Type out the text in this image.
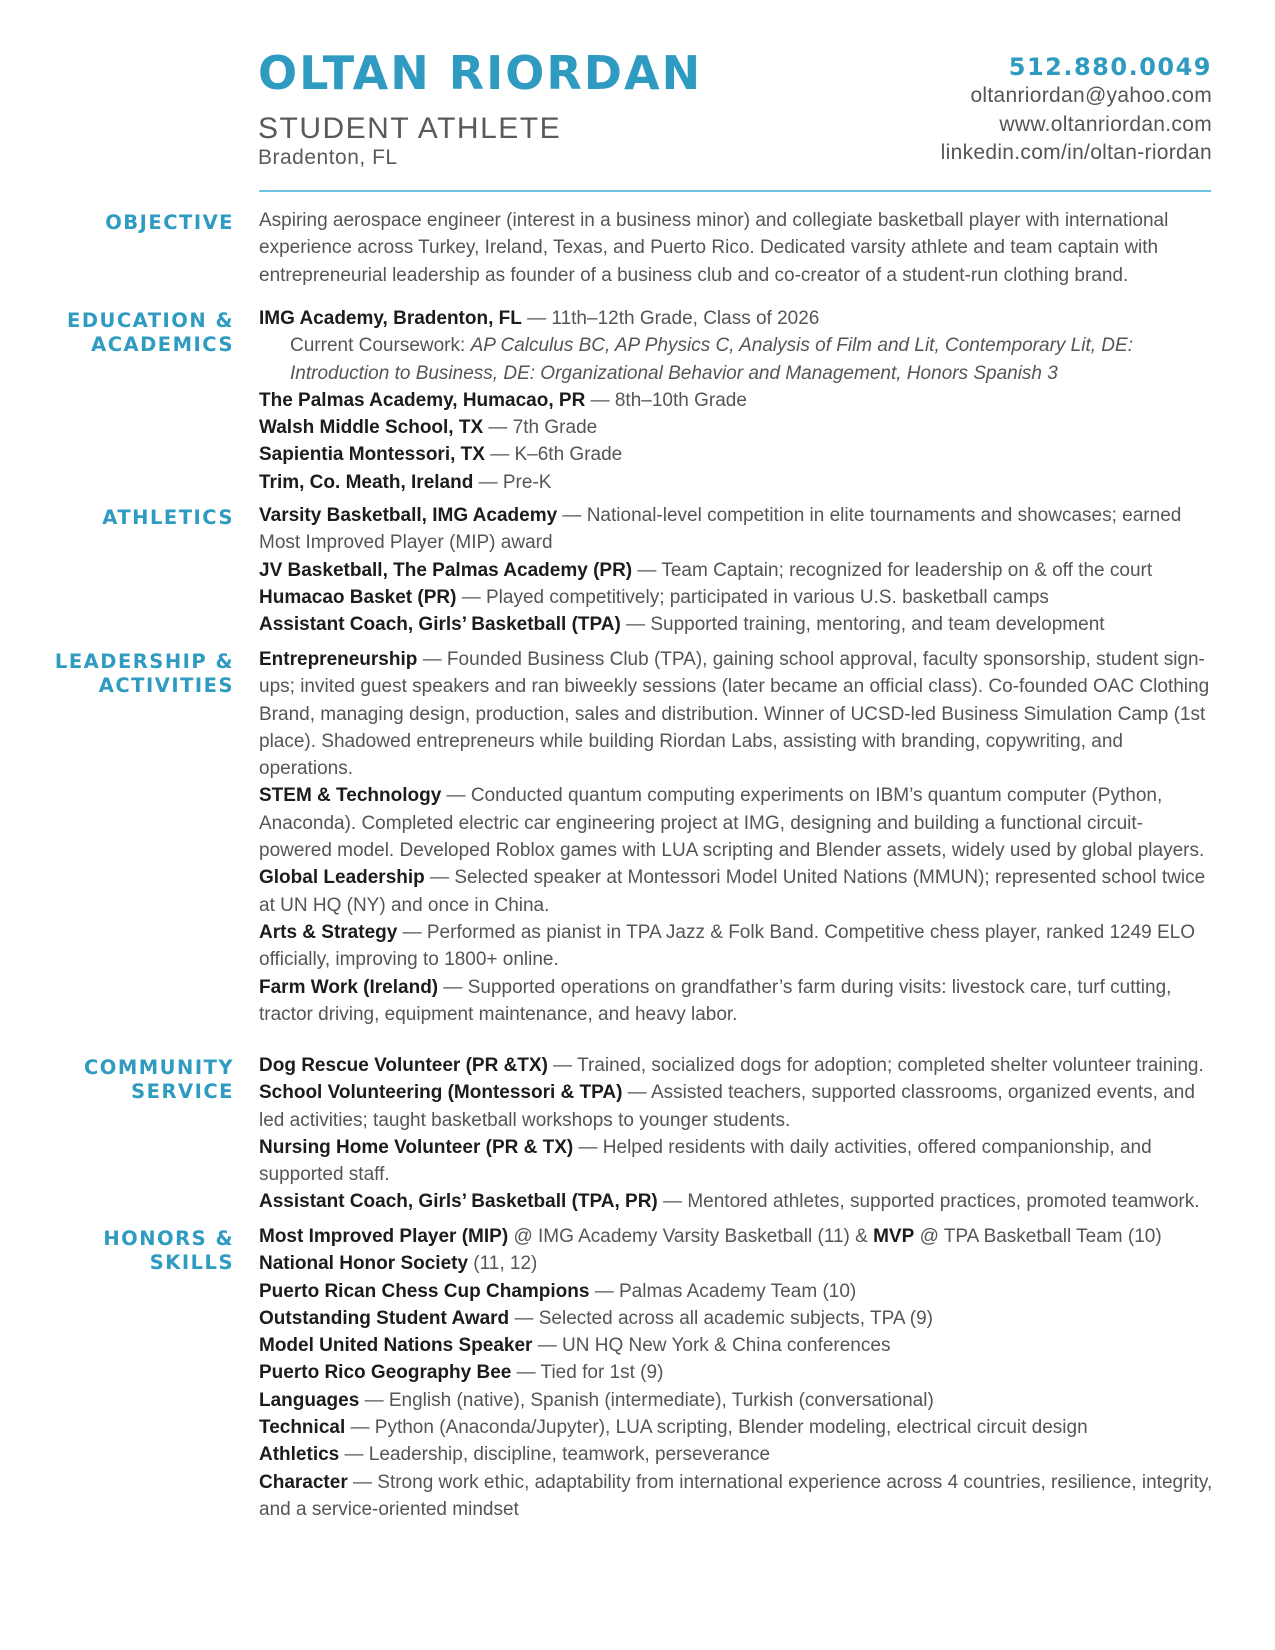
OLTAN RIORDAN
STUDENT ATHLETE
Bradenton, FL
512.880.0049
oltanriordan@yahoo.com
www.oltanriordan.com
linkedin.com/in/oltan-riordan
OBJECTIVE Aspiring aerospace engineer (interest in a business minor) and collegiate basketball player with international experience across Turkey, Ireland, Texas, and Puerto Rico. Dedicated varsity athlete and team captain with entrepreneurial leadership as founder of a business club and co-creator of a student-run clothing brand.

EDUCATION &
ACADEMICS

IMG Academy, Bradenton, FL — 11th–12th Grade, Class of 2026

Current Coursework: AP Calculus BC, AP Physics C, Analysis of Film and Lit, Contemporary Lit, DE: Introduction to Business, DE: Organizational Behavior and Management, Honors Spanish 3

The Palmas Academy, Humacao, PR — 8th–10th Grade

Walsh Middle School, TX — 7th Grade

Sapientia Montessori, TX — K–6th Grade

Trim, Co. Meath, Ireland — Pre-K

ATHLETICS Varsity Basketball, IMG Academy — National-level competition in elite tournaments and showcases; earned Most Improved Player (MIP) award

JV Basketball, The Palmas Academy (PR) — Team Captain; recognized for leadership on & off the court

Humacao Basket (PR) — Played competitively; participated in various U.S. basketball camps

Assistant Coach, Girls’ Basketball (TPA) — Supported training, mentoring, and team development

LEADERSHIP &
ACTIVITIES

Entrepreneurship — Founded Business Club (TPA), gaining school approval, faculty sponsorship, student sign-ups; invited guest speakers and ran biweekly sessions (later became an official class). Co-founded OAC Clothing Brand, managing design, production, sales and distribution. Winner of UCSD-led Business Simulation Camp (1st place). Shadowed entrepreneurs while building Riordan Labs, assisting with branding, copywriting, and operations.

STEM & Technology — Conducted quantum computing experiments on IBM’s quantum computer (Python, Anaconda). Completed electric car engineering project at IMG, designing and building a functional circuit-powered model. Developed Roblox games with LUA scripting and Blender assets, widely used by global players.

Global Leadership — Selected speaker at Montessori Model United Nations (MMUN); represented school twice at UN HQ (NY) and once in China.

Arts & Strategy — Performed as pianist in TPA Jazz & Folk Band. Competitive chess player, ranked 1249 ELO officially, improving to 1800+ online.

Farm Work (Ireland) — Supported operations on grandfather’s farm during visits: livestock care, turf cutting, tractor driving, equipment maintenance, and heavy labor.

COMMUNITY
SERVICE

Dog Rescue Volunteer (PR &TX) — Trained, socialized dogs for adoption; completed shelter volunteer training.

School Volunteering (Montessori & TPA) — Assisted teachers, supported classrooms, organized events, and led activities; taught basketball workshops to younger students.

Nursing Home Volunteer (PR & TX) — Helped residents with daily activities, offered companionship, and supported staff.

Assistant Coach, Girls’ Basketball (TPA, PR) — Mentored athletes, supported practices, promoted teamwork.

HONORS &
SKILLS

Most Improved Player (MIP) @ IMG Academy Varsity Basketball (11) & MVP @ TPA Basketball Team (10)

National Honor Society (11, 12)

Puerto Rican Chess Cup Champions — Palmas Academy Team (10)

Outstanding Student Award — Selected across all academic subjects, TPA (9)

Model United Nations Speaker — UN HQ New York & China conferences

Puerto Rico Geography Bee — Tied for 1st (9)

Languages — English (native), Spanish (intermediate), Turkish (conversational)

Technical — Python (Anaconda/Jupyter), LUA scripting, Blender modeling, electrical circuit design

Athletics — Leadership, discipline, teamwork, perseverance

Character — Strong work ethic, adaptability from international experience across 4 countries, resilience, integrity, and a service-oriented mindset
